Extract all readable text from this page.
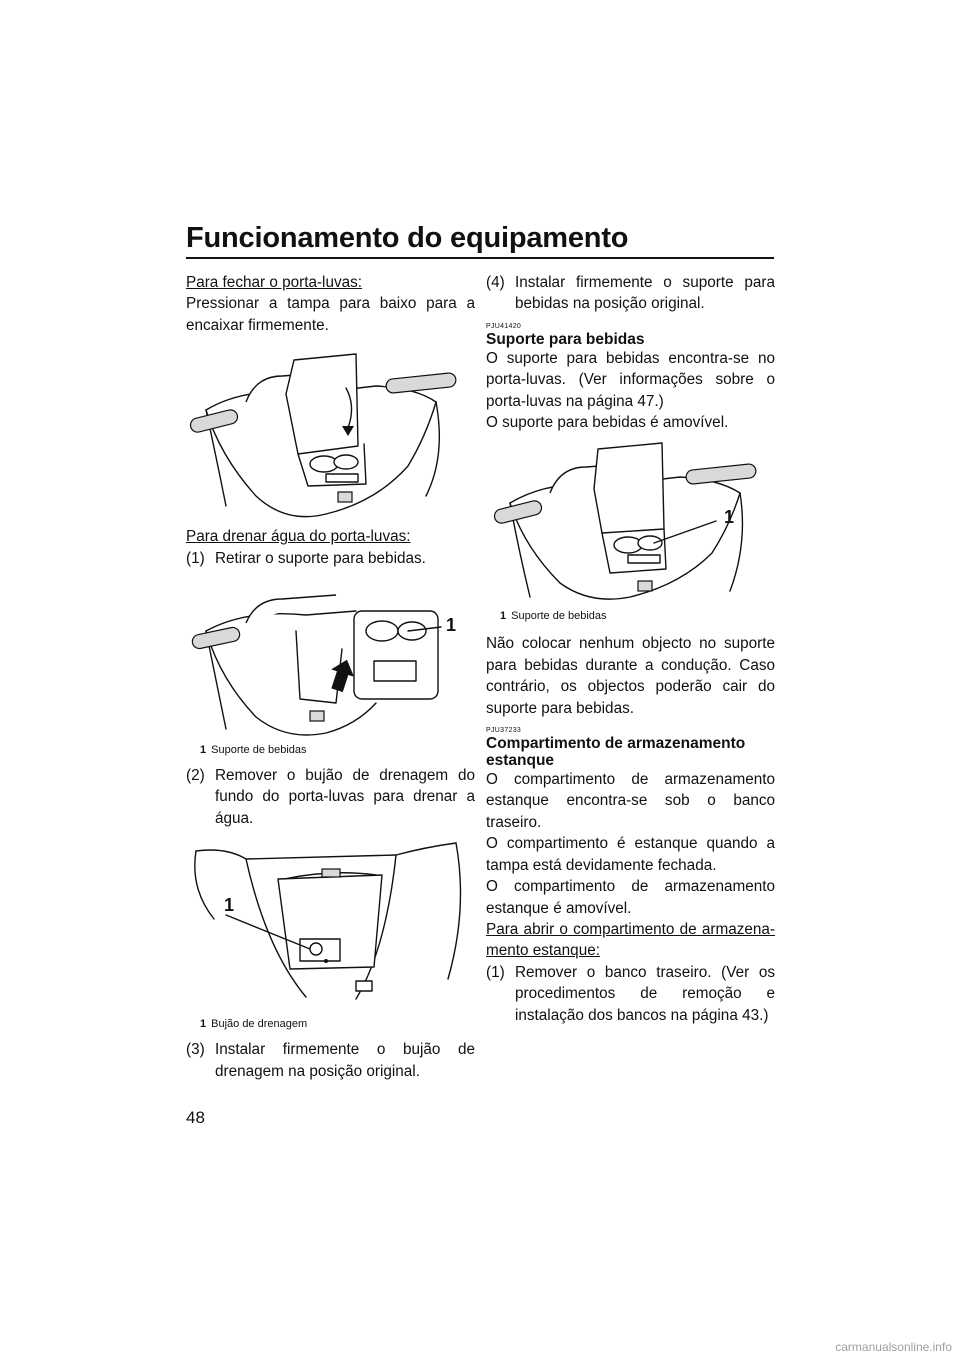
Funcionamento do equipamento

Para fechar o porta-luvas:

Pressionar a tampa para baixo para a encaixar firmemente.

Para drenar água do porta-luvas:

(1) Retirar o suporte para bebidas.
1

1 Suporte de bebidas

(2) Remover o bujão de drenagem do fundo do porta-luvas para drenar a água.
1

1 Bujão de drenagem

(3) Instalar firmemente o bujão de drenagem na posição original.
(4) Instalar firmemente o suporte para bebidas na posição original.
PJU41420

Suporte para bebidas

O suporte para bebidas encontra-se no porta-luvas. (Ver informações sobre o porta-luvas na página 47.)

O suporte para bebidas é amovível.

1

1 Suporte de bebidas

Não colocar nenhum objecto no suporte para bebidas durante a condução. Caso contrário, os objectos poderão cair do suporte para bebidas.

PJU37233

Compartimento de armazenamento estanque

O compartimento de armazenamento estanque encontra-se sob o banco traseiro.

O compartimento é estanque quando a tampa está devidamente fechada.

O compartimento de armazenamento estanque é amovível.

Para abrir o compartimento de armazenamento estanque:

(1) Remover o banco traseiro. (Ver os procedimentos de remoção e instalação dos bancos na página 43.)
48
carmanualsonline.info
